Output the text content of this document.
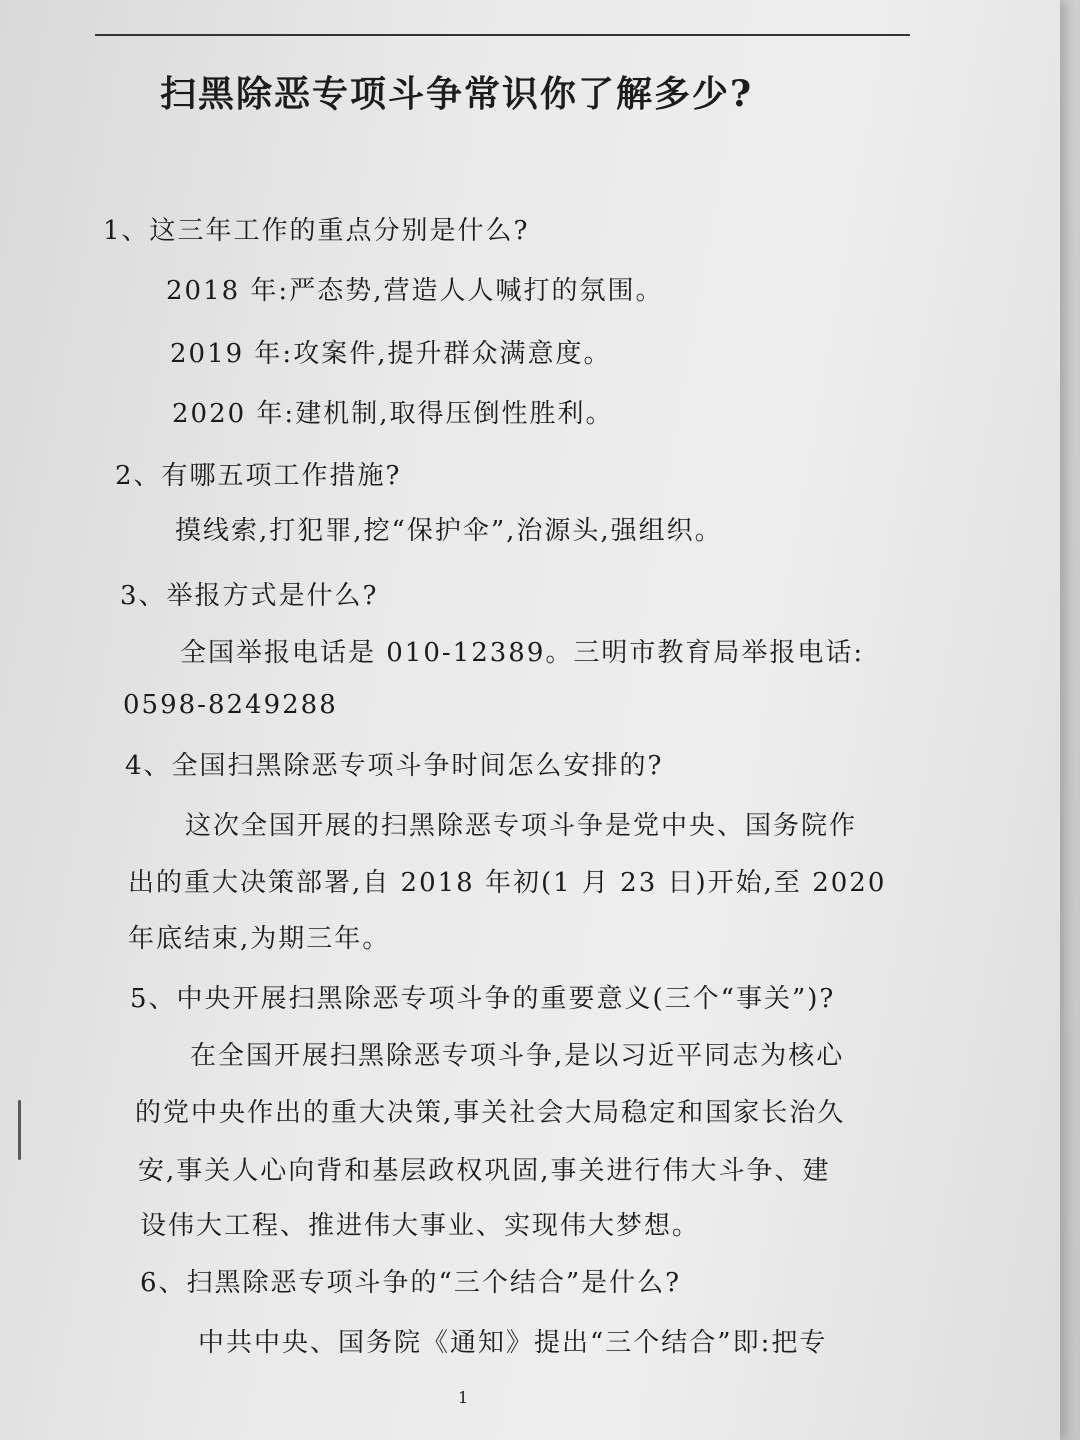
扫黑除恶专项斗争常识你了解多少?
1、这三年工作的重点分别是什么?
2018 年:严态势,营造人人喊打的氛围。
2019 年:攻案件,提升群众满意度。
2020 年:建机制,取得压倒性胜利。
2、有哪五项工作措施?
摸线索,打犯罪,挖“保护伞”,治源头,强组织。
3、举报方式是什么?
全国举报电话是 010-12389。三明市教育局举报电话:
0598-8249288
4、全国扫黑除恶专项斗争时间怎么安排的?
这次全国开展的扫黑除恶专项斗争是党中央、国务院作
出的重大决策部署,自 2018 年初(1 月 23 日)开始,至 2020
年底结束,为期三年。
5、中央开展扫黑除恶专项斗争的重要意义(三个“事关”)?
在全国开展扫黑除恶专项斗争,是以习近平同志为核心
的党中央作出的重大决策,事关社会大局稳定和国家长治久
安,事关人心向背和基层政权巩固,事关进行伟大斗争、建
设伟大工程、推进伟大事业、实现伟大梦想。
6、扫黑除恶专项斗争的“三个结合”是什么?
中共中央、国务院《通知》提出“三个结合”即:把专
1
